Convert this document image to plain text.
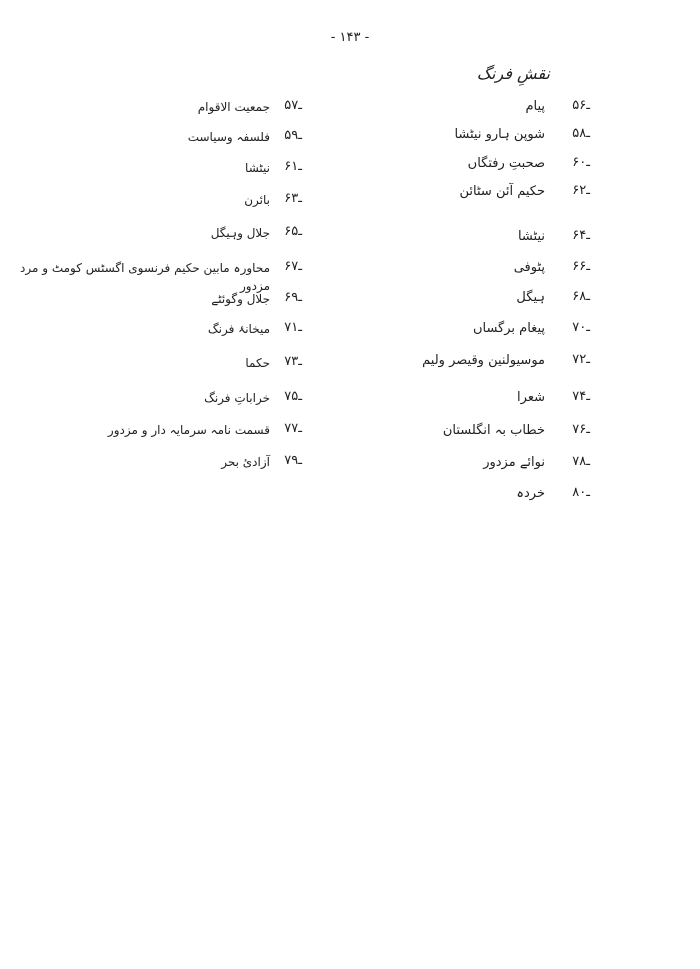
- ۱۴۳ -
نقشِ فرنگ
ـ ۵۶
پیام
ـ ۵۸
شوپن ہارو نیٹشا
ـ ۶۰
صحبتِ رفتگاں
ـ ۶۲
حکیم آئن سٹائن
ـ ۶۴
نیٹشا
ـ ۶۶
پٹوفی
ـ ۶۸
ہیگل
ـ ۷۰
پیغام برگساں
ـ ۷۲
موسیولنین وقیصر ولیم
ـ ۷۴
شعرا
ـ ۷۶
خطاب بہ انگلستان
ـ ۷۸
نوائے مزدور
ـ ۸۰
خردہ
ـ ۵۷
جمعیت الاقوام
ـ ۵۹
فلسفہ وسیاست
ـ ۶۱
نیٹشا
ـ ۶۳
بائرن
ـ ۶۵
جلال وہیگل
ـ ۶۷
محاورہ مابین حکیم فرنسوی اگسٹس کومٹ و مرد مزدور
ـ ۶۹
جلال وگوئٹے
ـ ۷۱
میخانۂ فرنگ
ـ ۷۳
حکما
ـ ۷۵
خراباتِ فرنگ
ـ ۷۷
قسمت نامہ سرمایہ دار و مزدور
ـ ۷۹
آزادیٔ بحر
